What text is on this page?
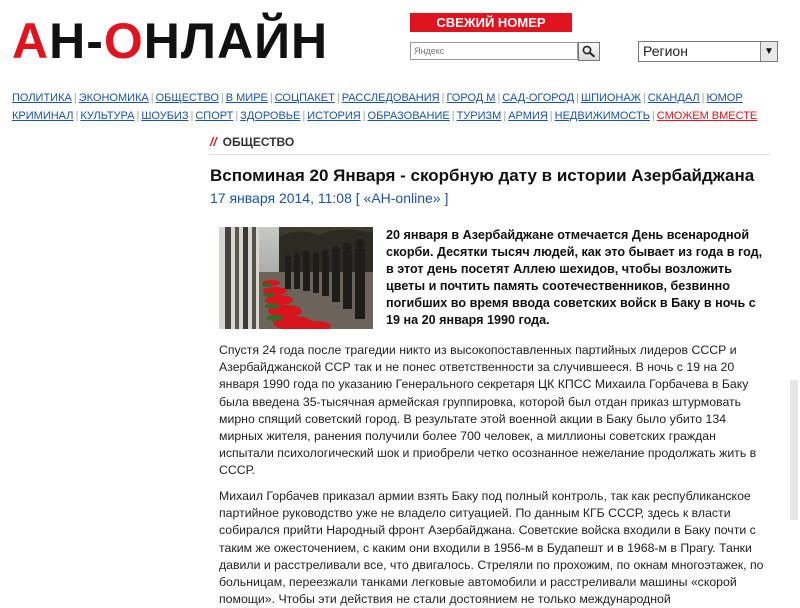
АН-ОНЛАЙН	СВЕЖИЙ НОМЕР
Яндекс
Регион	▼
ПОЛИТИКА | ЭКОНОМИКА | ОБЩЕСТВО | В МИРЕ | СОЦПАКЕТ | РАССЛЕДОВАНИЯ | ГОРОД М | САД-ОГОРОД | ШПИОНАЖ | СКАНДАЛ | ЮМОР
КРИМИНАЛ | КУЛЬТУРА | ШОУБИЗ | СПОРТ | ЗДОРОВЬЕ | ИСТОРИЯ | ОБРАЗОВАНИЕ | ТУРИЗМ | АРМИЯ | НЕДВИЖИМОСТЬ | СМОЖЕМ ВМЕСТЕ
// ОБЩЕСТВО
Вспоминая 20 Января - скорбную дату в истории Азербайджана
17 января 2014, 11:08 [ «АН-online» ]
20 января в Азербайджане отмечается День всенародной скорби. Десятки тысяч людей, как это бывает из года в год, в этот день посетят Аллею шехидов, чтобы возложить цветы и почтить память соотечественников, безвинно погибших во время ввода советских войск в Баку в ночь с 19 на 20 января 1990 года.
Спустя 24 года после трагедии никто из высокопоставленных партийных лидеров СССР и Азербайджанской ССР так и не понес ответственности за случившееся. В ночь с 19 на 20 января 1990 года по указанию Генерального секретаря ЦК КПСС Михаила Горбачева в Баку была введена 35-тысячная армейская группировка, которой был отдан приказ штурмовать мирно спящий советский город. В результате этой военной акции в Баку было убито 134 мирных жителя, ранения получили более 700 человек, а миллионы советских граждан испытали психологический шок и приобрели четко осознанное нежелание продолжать жить в СССР.
Михаил Горбачев приказал армии взять Баку под полный контроль, так как республиканское партийное руководство уже не владело ситуацией. По данным КГБ СССР, здесь к власти собирался прийти Народный фронт Азербайджана. Советские войска входили в Баку почти с таким же ожесточением, с каким они входили в 1956-м в Будапешт и в 1968-м в Прагу. Танки давили и расстреливали все, что двигалось. Стреляли по прохожим, по окнам многоэтажек, по больницам, переезжали танками легковые автомобили и расстреливали машины «скорой помощи». Чтобы эти действия не стали достоянием не только международной
